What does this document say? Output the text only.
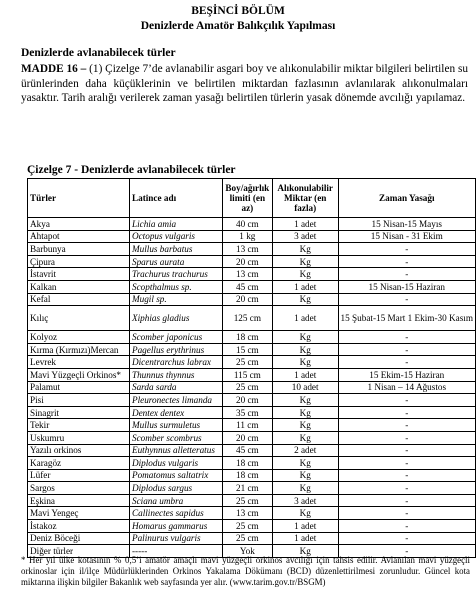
BEŞİNCİ BÖLÜM
Denizlerde Amatör Balıkçılık Yapılması
Denizlerde avlanabilecek türler
MADDE 16 – (1) Çizelge 7’de avlanabilir asgari boy ve alıkonulabilir miktar bilgileri belirtilen su ürünlerinden daha küçüklerinin ve belirtilen miktardan fazlasının avlanılarak alıkonulmaları yasaktır. Tarih aralığı verilerek zaman yasağı belirtilen türlerin yasak dönemde avcılığı yapılamaz.
Çizelge 7 - Denizlerde avlanabilecek türler
Türler	Latince adı	Boy/ağırlık limiti (en az)	Alıkonulabilir Miktar (en fazla)	Zaman Yasağı
Akya	Lichia amia	40 cm	1 adet	15 Nisan-15 Mayıs
Ahtapot	Octopus vulgaris	1 kg	3 adet	15 Nisan - 31 Ekim
Barbunya	Mullus barbatus	13 cm	Kg	-
Çipura	Sparus aurata	20 cm	Kg	-
İstavrit	Trachurus trachurus	13 cm	Kg	-
Kalkan	Scopthalmus sp.	45 cm	1 adet	15 Nisan-15 Haziran
Kefal	Mugil sp.	20 cm	Kg	-
Kılıç	Xiphias gladius	125 cm	1 adet	15 Şubat-15 Mart 1 Ekim-30 Kasım
Kolyoz	Scomber japonicus	18 cm	Kg	-
Kırma (Kırmızı)Mercan	Pagellus erythrinus	15 cm	Kg	-
Levrek	Dicentrarchus labrax	25 cm	Kg	-
Mavi Yüzgeçli Orkinos*	Thunnus thynnus	115 cm	1 adet	15 Ekim-15 Haziran
Palamut	Sarda sarda	25 cm	10 adet	1 Nisan – 14 Ağustos
Pisi	Pleuronectes limanda	20 cm	Kg	-
Sinagrit	Dentex dentex	35 cm	Kg	-
Tekir	Mullus surmuletus	11 cm	Kg	-
Uskumru	Scomber scombrus	20 cm	Kg	-
Yazılı orkinos	Euthynnus alletteratus	45 cm	2 adet	-
Karagöz	Diplodus vulgaris	18 cm	Kg	-
Lüfer	Pomatomus saltatrix	18 cm	Kg	-
Sargos	Diplodus sargus	21 cm	Kg	-
Eşkina	Sciana umbra	25 cm	3 adet	-
Mavi Yengeç	Callinectes sapidus	13 cm	Kg	-
İstakoz	Homarus gammarus	25 cm	1 adet	-
Deniz Böceği	Palinurus vulgaris	25 cm	1 adet	-
Diğer türler	-----	Yok	Kg	-
* Her yıl ülke kotasının % 0,5’i amatör amaçlı mavi yüzgeçli orkinos avcılığı için tahsis edilir. Avlanılan mavi yüzgeçli orkinoslar için il/ilçe Müdürlüklerinden Orkinos Yakalama Dökümanı (BCD) düzenlettirilmesi zorunludur. Güncel kota miktarına ilişkin bilgiler Bakanlık web sayfasında yer alır. (www.tarim.gov.tr/BSGM)
